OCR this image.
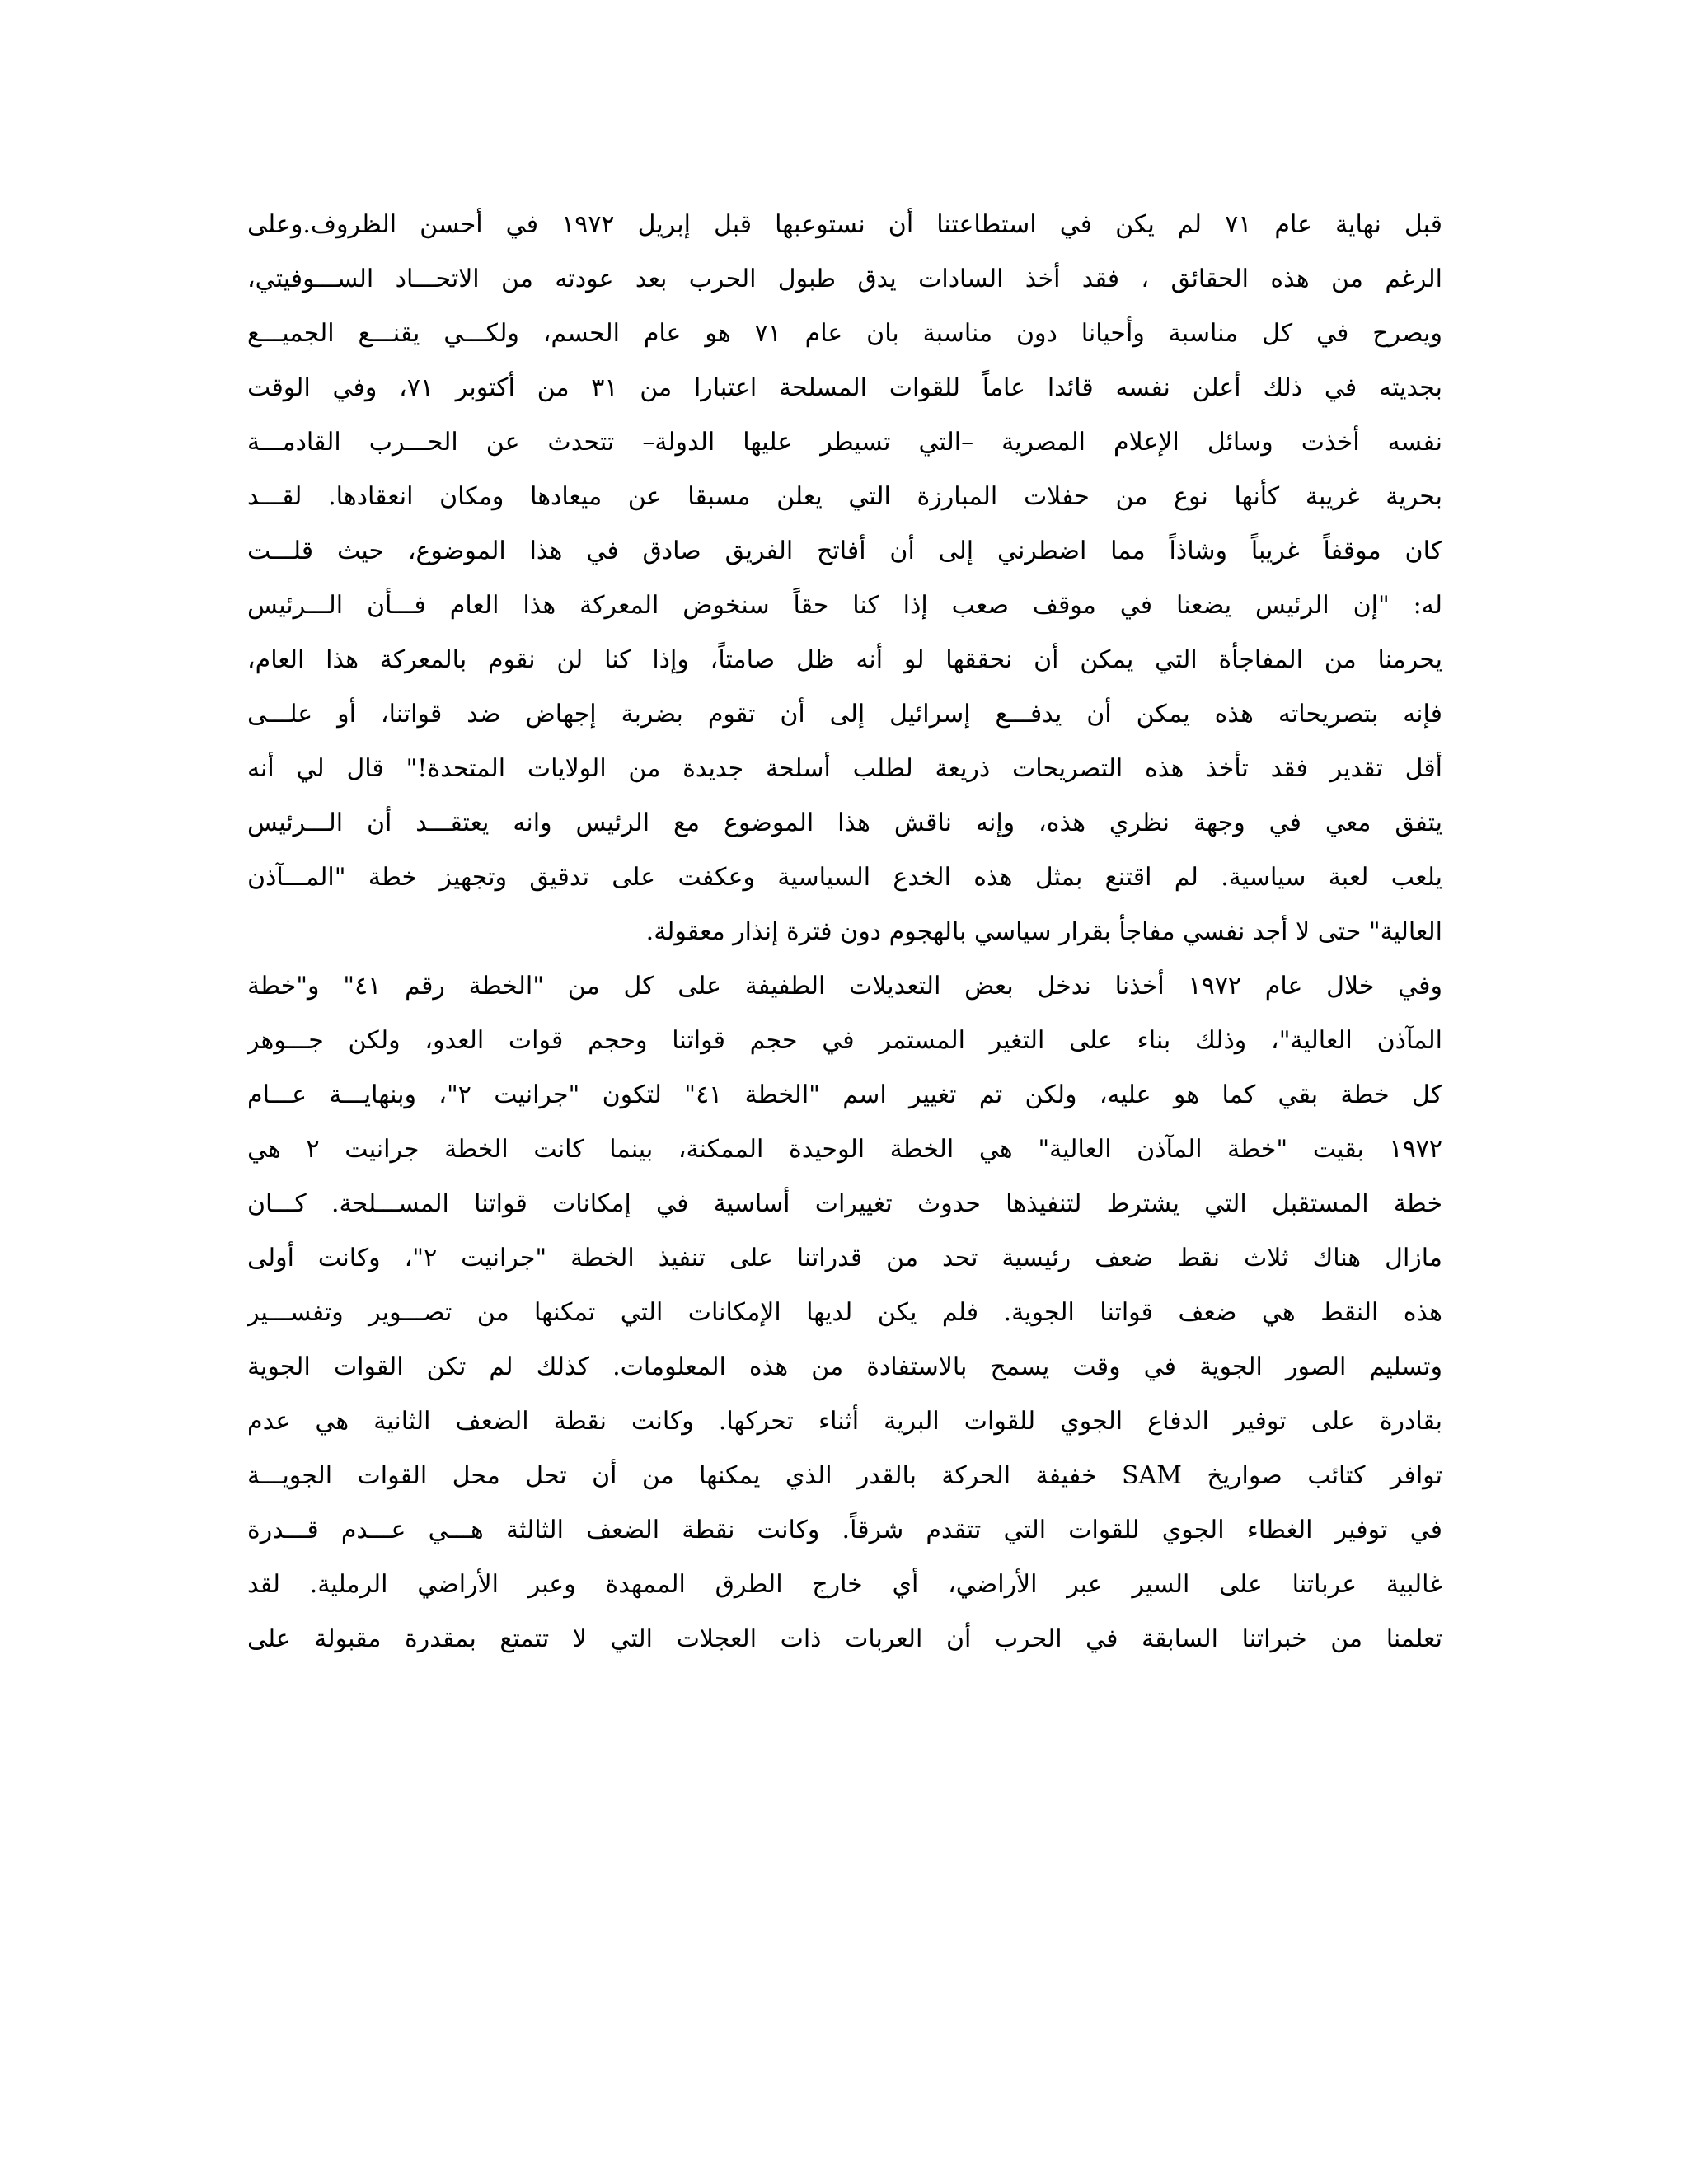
قبل نهاية عام ٧١ لم يكن في استطاعتنا أن نستوعبها قبل إبريل ١٩٧٢ في أحسن الظروف.وعلى
الرغم من هذه الحقائق ، فقد أخذ السادات يدق طبول الحرب بعد عودته من الاتحـــاد الســـوفيتي،
ويصرح في كل مناسبة وأحيانا دون مناسبة بان عام ٧١ هو عام الحسم، ولكـــي يقنـــع الجميـــع
بجديته في ذلك أعلن نفسه قائدا عاماً للقوات المسلحة اعتبارا من ٣١ من أكتوبر ٧١، وفي الوقت
نفسه أخذت وسائل الإعلام المصرية –التي تسيطر عليها الدولة– تتحدث عن الحـــرب القادمـــة
بحرية غريبة كأنها نوع من حفلات المبارزة التي يعلن مسبقا عن ميعادها ومكان انعقادها. لقـــد
كان موقفاً غريباً وشاذاً مما اضطرني إلى أن أفاتح الفريق صادق في هذا الموضوع، حيث قلـــت
له: "إن الرئيس يضعنا في موقف صعب إذا كنا حقاً سنخوض المعركة هذا العام فـــأن الـــرئيس
يحرمنا من المفاجأة التي يمكن أن نحققها لو أنه ظل صامتاً، وإذا كنا لن نقوم بالمعركة هذا العام،
فإنه بتصريحاته هذه يمكن أن يدفـــع إسرائيل إلى أن تقوم بضربة إجهاض ضد قواتنا، أو علـــى
أقل تقدير فقد تأخذ هذه التصريحات ذريعة لطلب أسلحة جديدة من الولايات المتحدة!" قال لي أنه
يتفق معي في وجهة نظري هذه، وإنه ناقش هذا الموضوع مع الرئيس وانه يعتقـــد أن الـــرئيس
يلعب لعبة سياسية. لم اقتنع بمثل هذه الخدع السياسية وعكفت على تدقيق وتجهيز خطة "المـــآذن
العالية" حتى لا أجد نفسي مفاجأ بقرار سياسي بالهجوم دون فترة إنذار معقولة.
وفي خلال عام ١٩٧٢ أخذنا ندخل بعض التعديلات الطفيفة على كل من "الخطة رقم ٤١" و"خطة
المآذن العالية"، وذلك بناء على التغير المستمر في حجم قواتنا وحجم قوات العدو، ولكن جـــوهر
كل خطة بقي كما هو عليه، ولكن تم تغيير اسم "الخطة ٤١" لتكون "جرانيت ٢"، وبنهايـــة عـــام
١٩٧٢ بقيت "خطة المآذن العالية" هي الخطة الوحيدة الممكنة، بينما كانت الخطة جرانيت ٢ هي
خطة المستقبل التي يشترط لتنفيذها حدوث تغييرات أساسية في إمكانات قواتنا المســـلحة. كـــان
مازال هناك ثلاث نقط ضعف رئيسية تحد من قدراتنا على تنفيذ الخطة "جرانيت ٢"، وكانت أولى
هذه النقط هي ضعف قواتنا الجوية. فلم يكن لديها الإمكانات التي تمكنها من تصـــوير وتفســـير
وتسليم الصور الجوية في وقت يسمح بالاستفادة من هذه المعلومات. كذلك لم تكن القوات الجوية
بقادرة على توفير الدفاع الجوي للقوات البرية أثناء تحركها. وكانت نقطة الضعف الثانية هي عدم
توافر كتائب صواريخ SAM خفيفة الحركة بالقدر الذي يمكنها من أن تحل محل القوات الجويـــة
في توفير الغطاء الجوي للقوات التي تتقدم شرقاً. وكانت نقطة الضعف الثالثة هـــي عـــدم قـــدرة
غالبية عرباتنا على السير عبر الأراضي، أي خارج الطرق الممهدة وعبر الأراضي الرملية. لقد
تعلمنا من خبراتنا السابقة في الحرب أن العربات ذات العجلات التي لا تتمتع بمقدرة مقبولة على
